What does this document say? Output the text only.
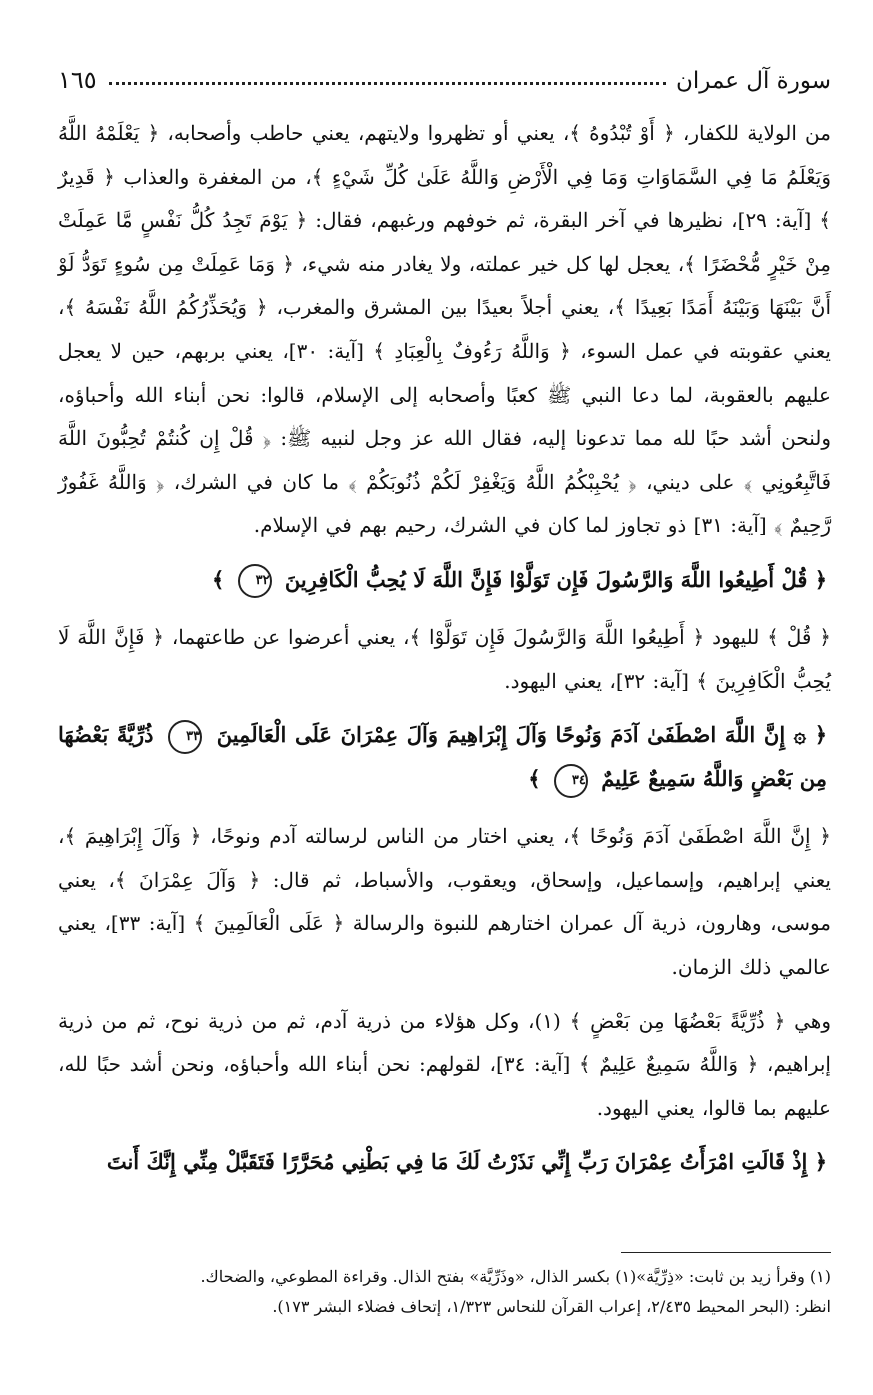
سورة آل عمران
١٦٥

من الولاية للكفار، ﴿ أَوْ تُبْدُوهُ ﴾، يعني أو تظهروا ولايتهم، يعني حاطب وأصحابه، ﴿ يَعْلَمْهُ اللَّهُ وَيَعْلَمُ مَا فِي السَّمَاوَاتِ وَمَا فِي الْأَرْضِ وَاللَّهُ عَلَىٰ كُلِّ شَيْءٍ ﴾، من المغفرة والعذاب ﴿ قَدِيرٌ ﴾ [آية: ٢٩]، نظيرها في آخر البقرة، ثم خوفهم ورغبهم، فقال: ﴿ يَوْمَ تَجِدُ كُلُّ نَفْسٍ مَّا عَمِلَتْ مِنْ خَيْرٍ مُّحْضَرًا ﴾، يعجل لها كل خير عملته، ولا يغادر منه شيء، ﴿ وَمَا عَمِلَتْ مِن سُوءٍ تَوَدُّ لَوْ أَنَّ بَيْنَهَا وَبَيْنَهُ أَمَدًا بَعِيدًا ﴾، يعني أجلاً بعيدًا بين المشرق والمغرب، ﴿ وَيُحَذِّرُكُمُ اللَّهُ نَفْسَهُ ﴾، يعني عقوبته في عمل السوء، ﴿ وَاللَّهُ رَءُوفٌ بِالْعِبَادِ ﴾ [آية: ٣٠]، يعني بربهم، حين لا يعجل عليهم بالعقوبة، لما دعا النبي ﷺ كعبًا وأصحابه إلى الإسلام، قالوا: نحن أبناء الله وأحباؤه، ولنحن أشد حبًا لله مما تدعونا إليه، فقال الله عز وجل لنبيه ﷺ: ﴿ قُلْ إِن كُنتُمْ تُحِبُّونَ اللَّهَ فَاتَّبِعُونِي ﴾ على ديني، ﴿ يُحْبِبْكُمُ اللَّهُ وَيَغْفِرْ لَكُمْ ذُنُوبَكُمْ ﴾ ما كان في الشرك، ﴿ وَاللَّهُ غَفُورٌ رَّحِيمٌ ﴾ [آية: ٣١] ذو تجاوز لما كان في الشرك، رحيم بهم في الإسلام.

﴿ قُلْ أَطِيعُوا اللَّهَ وَالرَّسُولَ فَإِن تَوَلَّوْا فَإِنَّ اللَّهَ لَا يُحِبُّ الْكَافِرِينَ ٣٢ ﴾

﴿ قُلْ ﴾ لليهود ﴿ أَطِيعُوا اللَّهَ وَالرَّسُولَ فَإِن تَوَلَّوْا ﴾، يعني أعرضوا عن طاعتهما، ﴿ فَإِنَّ اللَّهَ لَا يُحِبُّ الْكَافِرِينَ ﴾ [آية: ٣٢]، يعني اليهود.

﴿ ۞ إِنَّ اللَّهَ اصْطَفَىٰ آدَمَ وَنُوحًا وَآلَ إِبْرَاهِيمَ وَآلَ عِمْرَانَ عَلَى الْعَالَمِينَ ٣٣ ذُرِّيَّةً بَعْضُهَا مِن بَعْضٍ وَاللَّهُ سَمِيعٌ عَلِيمٌ ٣٤ ﴾

﴿ إِنَّ اللَّهَ اصْطَفَىٰ آدَمَ وَنُوحًا ﴾، يعني اختار من الناس لرسالته آدم ونوحًا، ﴿ وَآلَ إِبْرَاهِيمَ ﴾، يعني إبراهيم، وإسماعيل، وإسحاق، ويعقوب، والأسباط، ثم قال: ﴿ وَآلَ عِمْرَانَ ﴾، يعني موسى، وهارون، ذرية آل عمران اختارهم للنبوة والرسالة ﴿ عَلَى الْعَالَمِينَ ﴾ [آية: ٣٣]، يعني عالمي ذلك الزمان.

وهي ﴿ ذُرِّيَّةً بَعْضُهَا مِن بَعْضٍ ﴾ (١)، وكل هؤلاء من ذرية آدم، ثم من ذرية نوح، ثم من ذرية إبراهيم، ﴿ وَاللَّهُ سَمِيعٌ عَلِيمٌ ﴾ [آية: ٣٤]، لقولهم: نحن أبناء الله وأحباؤه، ونحن أشد حبًا لله، عليهم بما قالوا، يعني اليهود.

﴿ إِذْ قَالَتِ امْرَأَتُ عِمْرَانَ رَبِّ إِنِّي نَذَرْتُ لَكَ مَا فِي بَطْنِي مُحَرَّرًا فَتَقَبَّلْ مِنِّي إِنَّكَ أَنتَ

(١) وقرأ زيد بن ثابت: «ذِرِّيَّة»(١) بكسر الذال، «وذَرِّيَّة» بفتح الذال. وقراءة المطوعي، والضحاك.

انظر: (البحر المحيط ٢/٤٣٥، إعراب القرآن للنحاس ١/٣٢٣، إتحاف فضلاء البشر ١٧٣).
